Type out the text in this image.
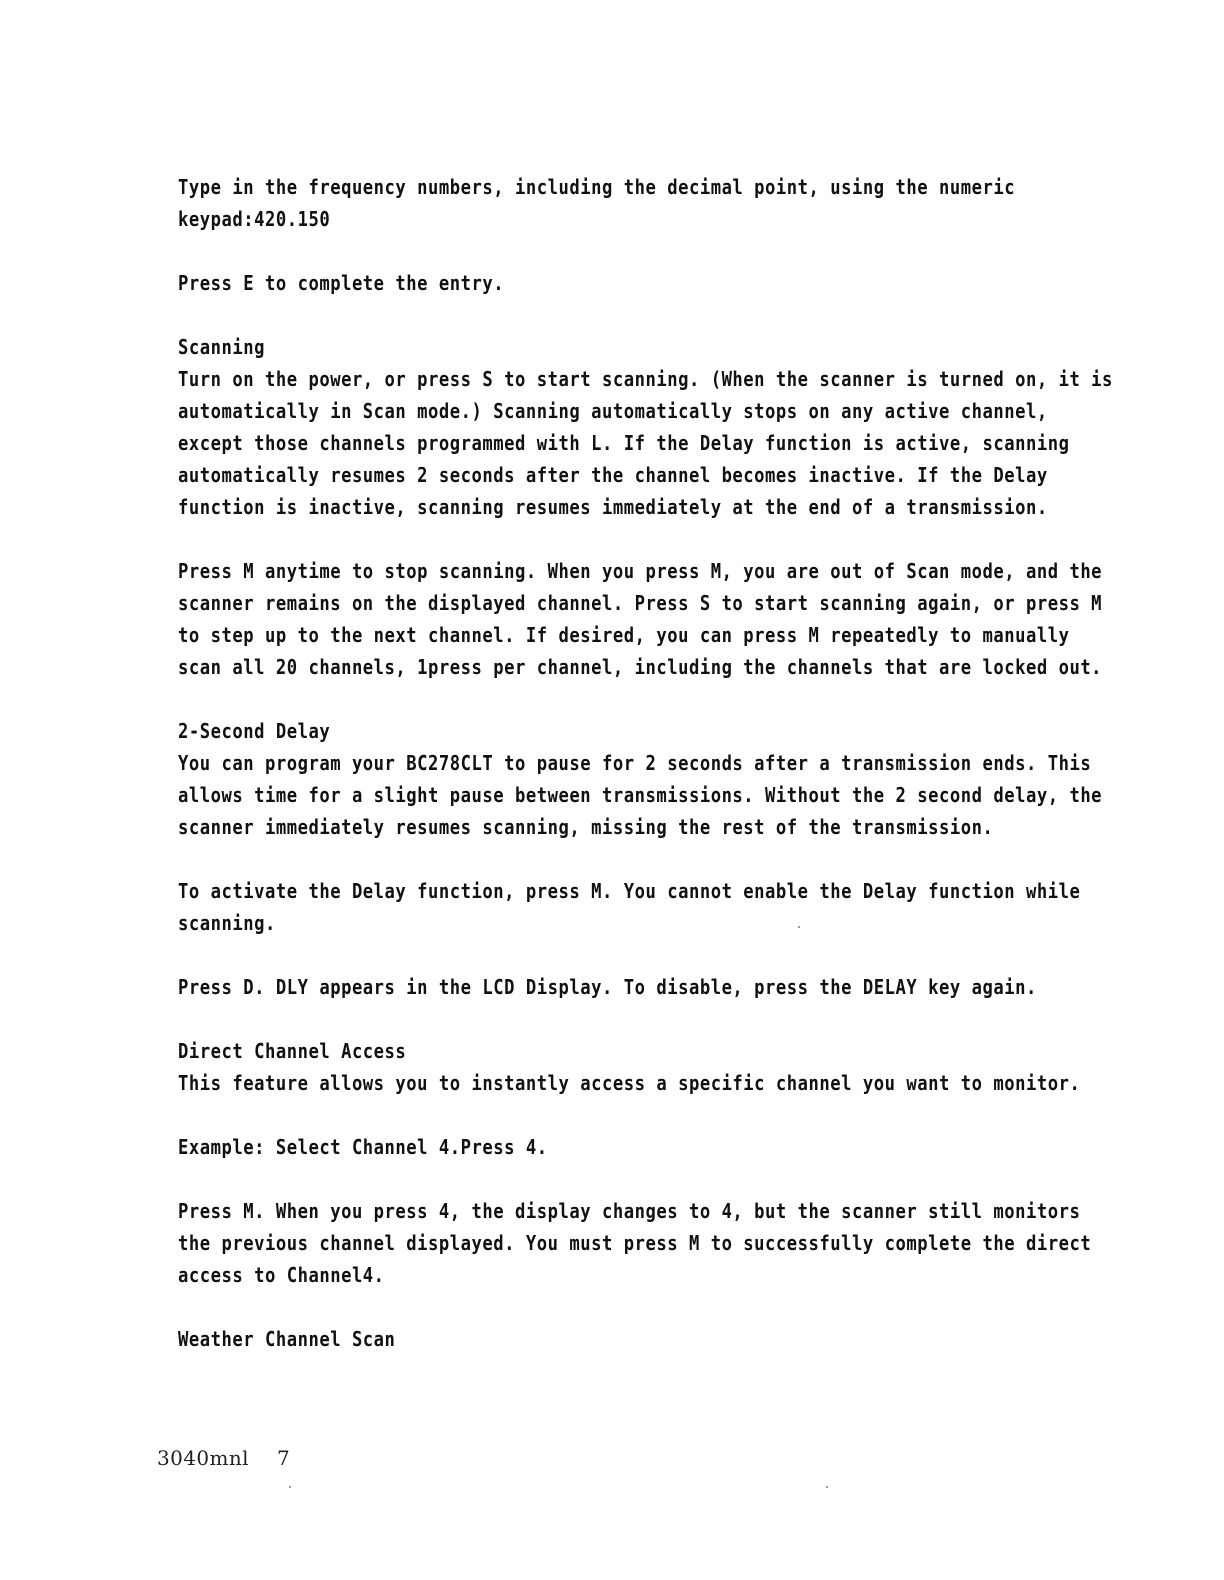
Type in the frequency numbers, including the decimal point, using the numeric keypad:420.150

Press E to complete the entry.

Scanning

Turn on the power, or press S to start scanning. (When the scanner is turned on, it is automatically in Scan mode.) Scanning automatically stops on any active channel, except those channels programmed with L. If the Delay function is active, scanning automatically resumes 2 seconds after the channel becomes inactive. If the Delay function is inactive, scanning resumes immediately at the end of a transmission.

Press M anytime to stop scanning. When you press M, you are out of Scan mode, and the scanner remains on the displayed channel. Press S to start scanning again, or press M to step up to the next channel. If desired, you can press M repeatedly to manually scan all 20 channels, 1press per channel, including the channels that are locked out.

2-Second Delay

You can program your BC278CLT to pause for 2 seconds after a transmission ends. This allows time for a slight pause between transmissions. Without the 2 second delay, the scanner immediately resumes scanning, missing the rest of the transmission.

To activate the Delay function, press M. You cannot enable the Delay function while scanning.

Press D. DLY appears in the LCD Display. To disable, press the DELAY key again.

Direct Channel Access

This feature allows you to instantly access a specific channel you want to monitor.

Example: Select Channel 4.Press 4.

Press M. When you press 4, the display changes to 4, but the scanner still monitors the previous channel displayed. You must press M to successfully complete the direct access to Channel4.

Weather Channel Scan

3040mnl 7
